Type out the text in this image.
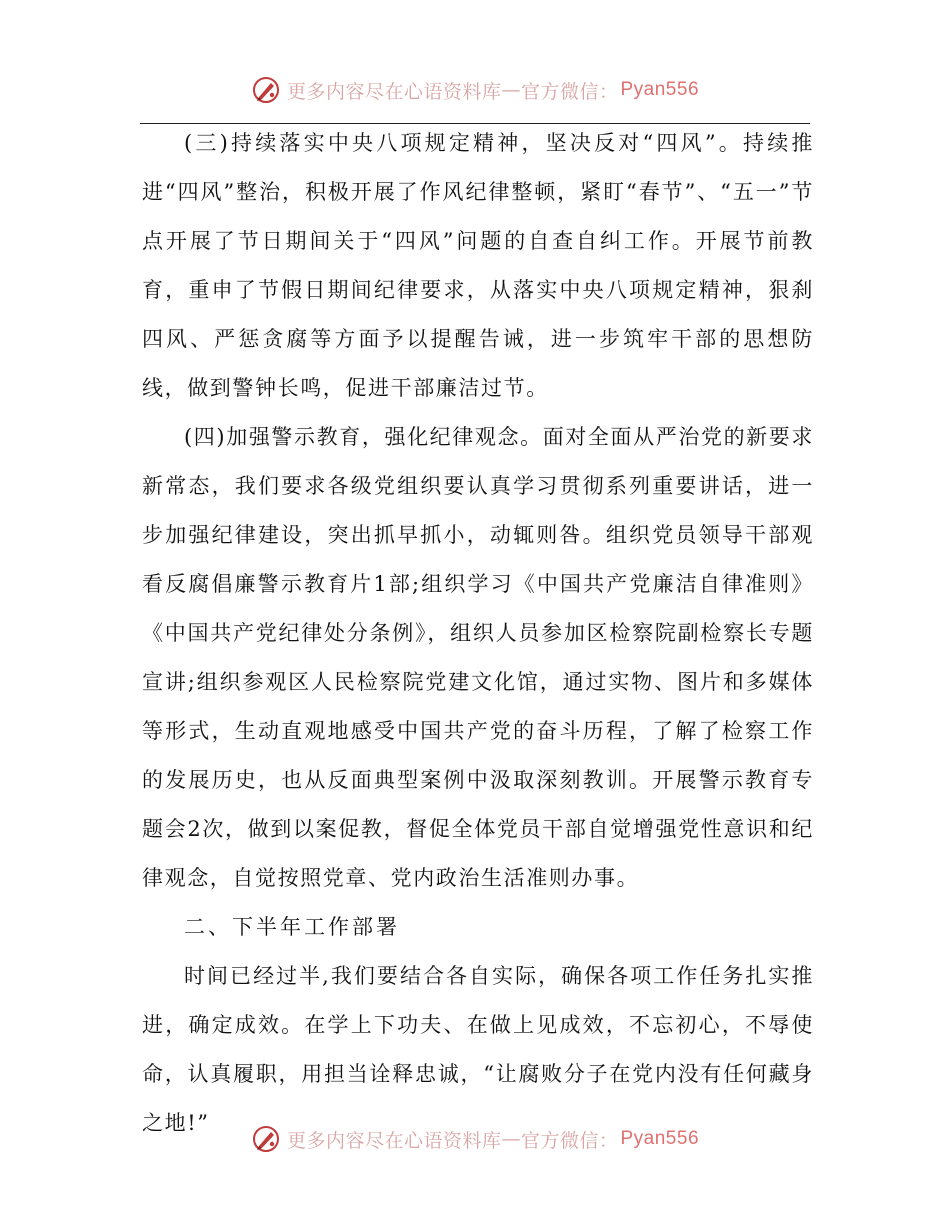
更多内容尽在心语资料库 — 官方微信： Pyan556

(三)持续落实中央八项规定精神，坚决反对“四风”。持续推进“四风”整治，积极开展了作风纪律整顿，紧盯“春节”、“五一”节点开展了节日期间关于“四风”问题的自查自纠工作。开展节前教育，重申了节假日期间纪律要求，从落实中央八项规定精神，狠刹四风、严惩贪腐等方面予以提醒告诫，进一步筑牢干部的思想防线，做到警钟长鸣，促进干部廉洁过节。

(四)加强警示教育，强化纪律观念。面对全面从严治党的新要求新常态，我们要求各级党组织要认真学习贯彻系列重要讲话，进一步加强纪律建设，突出抓早抓小，动辄则咎。组织党员领导干部观看反腐倡廉警示教育片1部;组织学习《中国共产党廉洁自律准则》《中国共产党纪律处分条例》，组织人员参加区检察院副检察长专题宣讲;组织参观区人民检察院党建文化馆，通过实物、图片和多媒体等形式，生动直观地感受中国共产党的奋斗历程，了解了检察工作的发展历史，也从反面典型案例中汲取深刻教训。开展警示教育专题会2次，做到以案促教，督促全体党员干部自觉增强党性意识和纪律观念，自觉按照党章、党内政治生活准则办事。

二、下半年工作部署

时间已经过半,我们要结合各自实际，确保各项工作任务扎实推进，确定成效。在学上下功夫、在做上见成效，不忘初心，不辱使命，认真履职，用担当诠释忠诚，“让腐败分子在党内没有任何藏身之地!”

更多内容尽在心语资料库 — 官方微信： Pyan556
